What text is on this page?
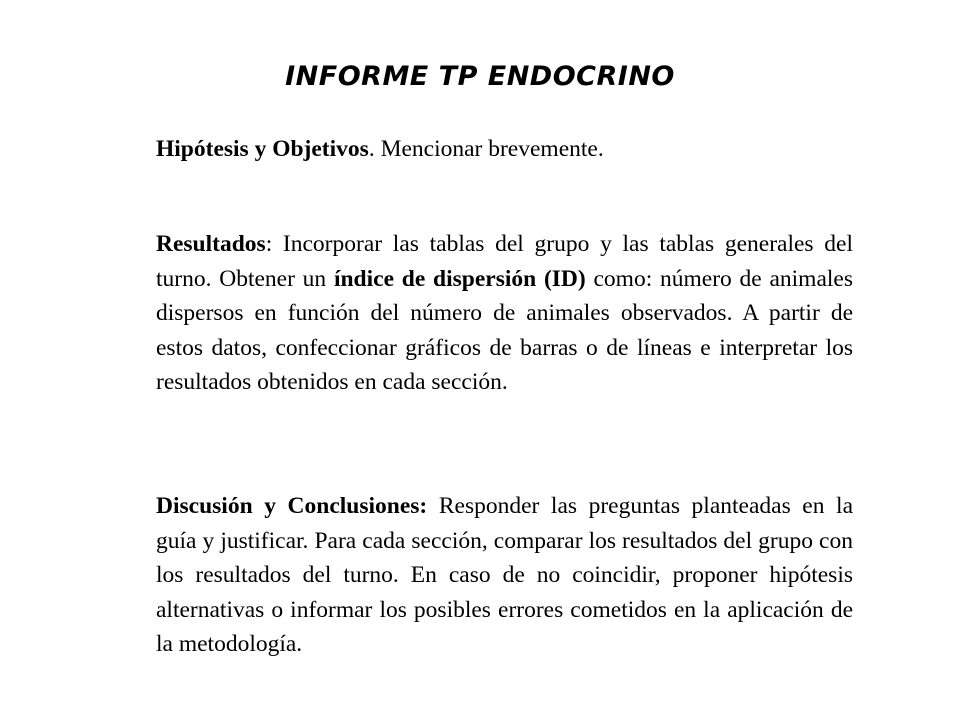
INFORME TP ENDOCRINO

Hipótesis y Objetivos. Mencionar brevemente.

Resultados: Incorporar las tablas del grupo y las tablas generales del turno. Obtener un índice de dispersión (ID) como: número de animales dispersos en función del número de animales observados. A partir de estos datos, confeccionar gráficos de barras o de líneas e interpretar los resultados obtenidos en cada sección.

Discusión y Conclusiones: Responder las preguntas planteadas en la guía y justificar. Para cada sección, comparar los resultados del grupo con los resultados del turno. En caso de no coincidir, proponer hipótesis alternativas o informar los posibles errores cometidos en la aplicación de la metodología.
